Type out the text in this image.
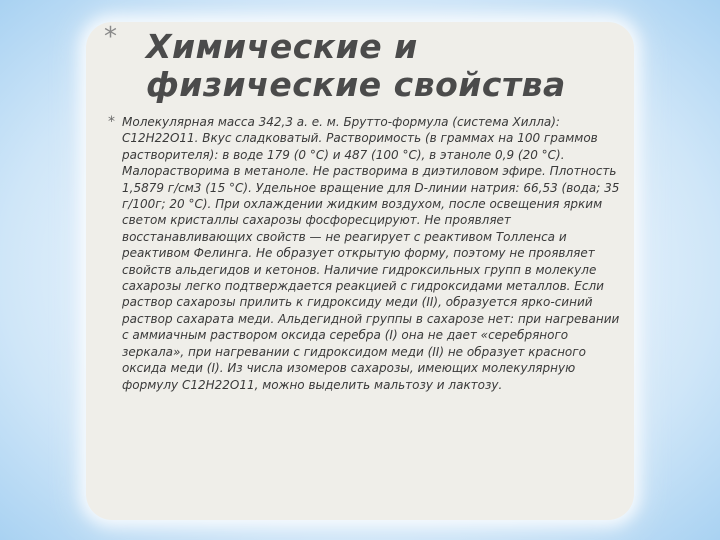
* Химические и физические свойства
* Молекулярная масса 342,3 а. е. м. Брутто-формула (система Хилла): C12H22O11. Вкус сладковатый. Растворимость (в граммах на 100 граммов растворителя): в воде 179 (0 °C) и 487 (100 °C), в этаноле 0,9 (20 °C). Малорастворима в метаноле. Не растворима в диэтиловом эфире. Плотность 1,5879 г/см3 (15 °C). Удельное вращение для D-линии натрия: 66,53 (вода; 35 г/100г; 20 °C). При охлаждении жидким воздухом, после освещения ярким светом кристаллы сахарозы фосфоресцируют. Не проявляет восстанавливающих свойств — не реагирует с реактивом Толленса и реактивом Фелинга. Не образует открытую форму, поэтому не проявляет свойств альдегидов и кетонов. Наличие гидроксильных групп в молекуле сахарозы легко подтверждается реакцией с гидроксидами металлов. Если раствор сахарозы прилить к гидроксиду меди (II), образуется ярко-синий раствор сахарата меди. Альдегидной группы в сахарозе нет: при нагревании с аммиачным раствором оксида серебра (I) она не дает «серебряного зеркала», при нагревании с гидроксидом меди (II) не образует красного оксида меди (I). Из числа изомеров сахарозы, имеющих молекулярную формулу C12H22O11, можно выделить мальтозу и лактозу.
